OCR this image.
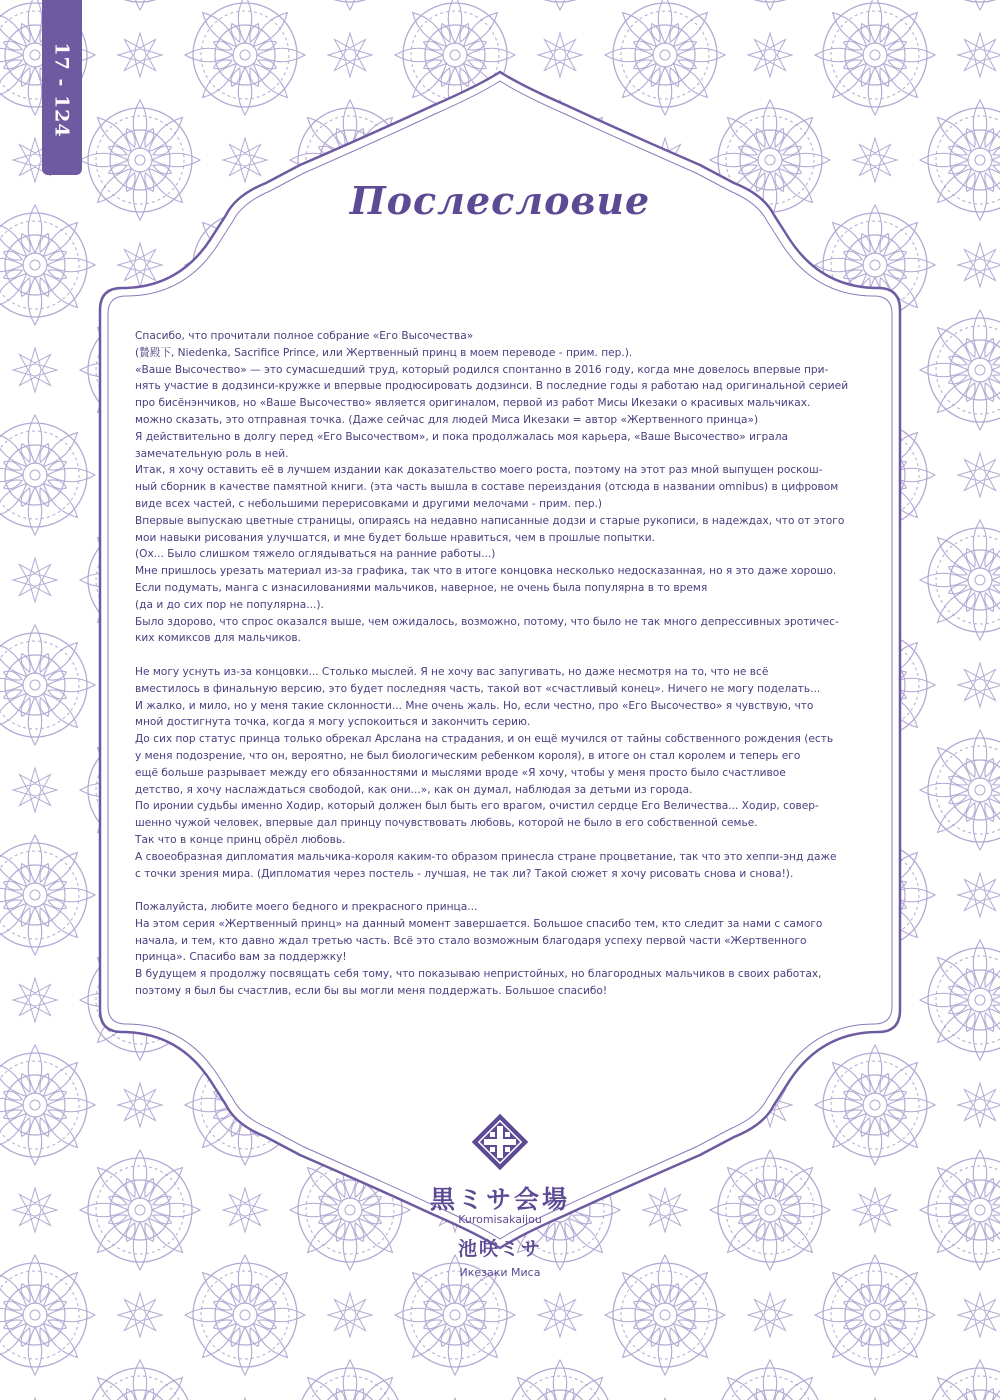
17 - 124
Послесловие

Спасибо, что прочитали полное собрание «Его Высочества»

(贄殿下, Niedenka, Sacrifice Prince, или Жертвенный принц в моем переводе - прим. пер.).

«Ваше Высочество» — это сумасшедший труд, который родился спонтанно в 2016 году, когда мне довелось впервые при-

нять участие в додзинси-кружке и впервые продюсировать додзинси. В последние годы я работаю над оригинальной серией

про бисёнэнчиков, но «Ваше Высочество» является оригиналом, первой из работ Мисы Икезаки о красивых мальчиках.

можно сказать, это отправная точка. (Даже сейчас для людей Миса Икезаки = автор «Жертвенного принца»)

Я действительно в долгу перед «Его Высочеством», и пока продолжалась моя карьера, «Ваше Высочество» играла

замечательную роль в ней.

Итак, я хочу оставить её в лучшем издании как доказательство моего роста, поэтому на этот раз мной выпущен роскош-

ный сборник в качестве памятной книги. (эта часть вышла в составе переиздания (отсюда в названии omnibus) в цифровом

виде всех частей, с небольшими перерисовками и другими мелочами - прим. пер.)

Впервые выпускаю цветные страницы, опираясь на недавно написанные додзи и старые рукописи, в надеждах, что от этого

мои навыки рисования улучшатся, и мне будет больше нравиться, чем в прошлые попытки.

(Ох... Было слишком тяжело оглядываться на ранние работы...)

Мне пришлось урезать материал из-за графика, так что в итоге концовка несколько недосказанная, но я это даже хорошо.

Если подумать, манга с изнасилованиями мальчиков, наверное, не очень была популярна в то время

(да и до сих пор не популярна...).

Было здорово, что спрос оказался выше, чем ожидалось, возможно, потому, что было не так много депрессивных эротичес-

ких комиксов для мальчиков.

Не могу уснуть из-за концовки... Столько мыслей. Я не хочу вас запугивать, но даже несмотря на то, что не всё

вместилось в финальную версию, это будет последняя часть, такой вот «счастливый конец». Ничего не могу поделать...

И жалко, и мило, но у меня такие склонности... Мне очень жаль. Но, если честно, про «Его Высочество» я чувствую, что

мной достигнута точка, когда я могу успокоиться и закончить серию.

До сих пор статус принца только обрекал Арслана на страдания, и он ещё мучился от тайны собственного рождения (есть

у меня подозрение, что он, вероятно, не был биологическим ребенком короля), в итоге он стал королем и теперь его

ещё больше разрывает между его обязанностями и мыслями вроде «Я хочу, чтобы у меня просто было счастливое

детство, я хочу наслаждаться свободой, как они...», как он думал, наблюдая за детьми из города.

По иронии судьбы именно Ходир, который должен был быть его врагом, очистил сердце Его Величества... Ходир, совер-

шенно чужой человек, впервые дал принцу почувствовать любовь, которой не было в его собственной семье.

Так что в конце принц обрёл любовь.

А своеобразная дипломатия мальчика-короля каким-то образом принесла стране процветание, так что это хеппи-энд даже

с точки зрения мира. (Дипломатия через постель - лучшая, не так ли? Такой сюжет я хочу рисовать снова и снова!).

Пожалуйста, любите моего бедного и прекрасного принца...

На этом серия «Жертвенный принц» на данный момент завершается. Большое спасибо тем, кто следит за нами с самого

начала, и тем, кто давно ждал третью часть. Всё это стало возможным благодаря успеху первой части «Жертвенного

принца». Спасибо вам за поддержку!

В будущем я продолжу посвящать себя тому, что показываю непристойных, но благородных мальчиков в своих работах,

поэтому я был бы счастлив, если бы вы могли меня поддержать. Большое спасибо!

黒ミサ会場
Kuromisakaijou
池咲ミサ
Икезаки Миса
